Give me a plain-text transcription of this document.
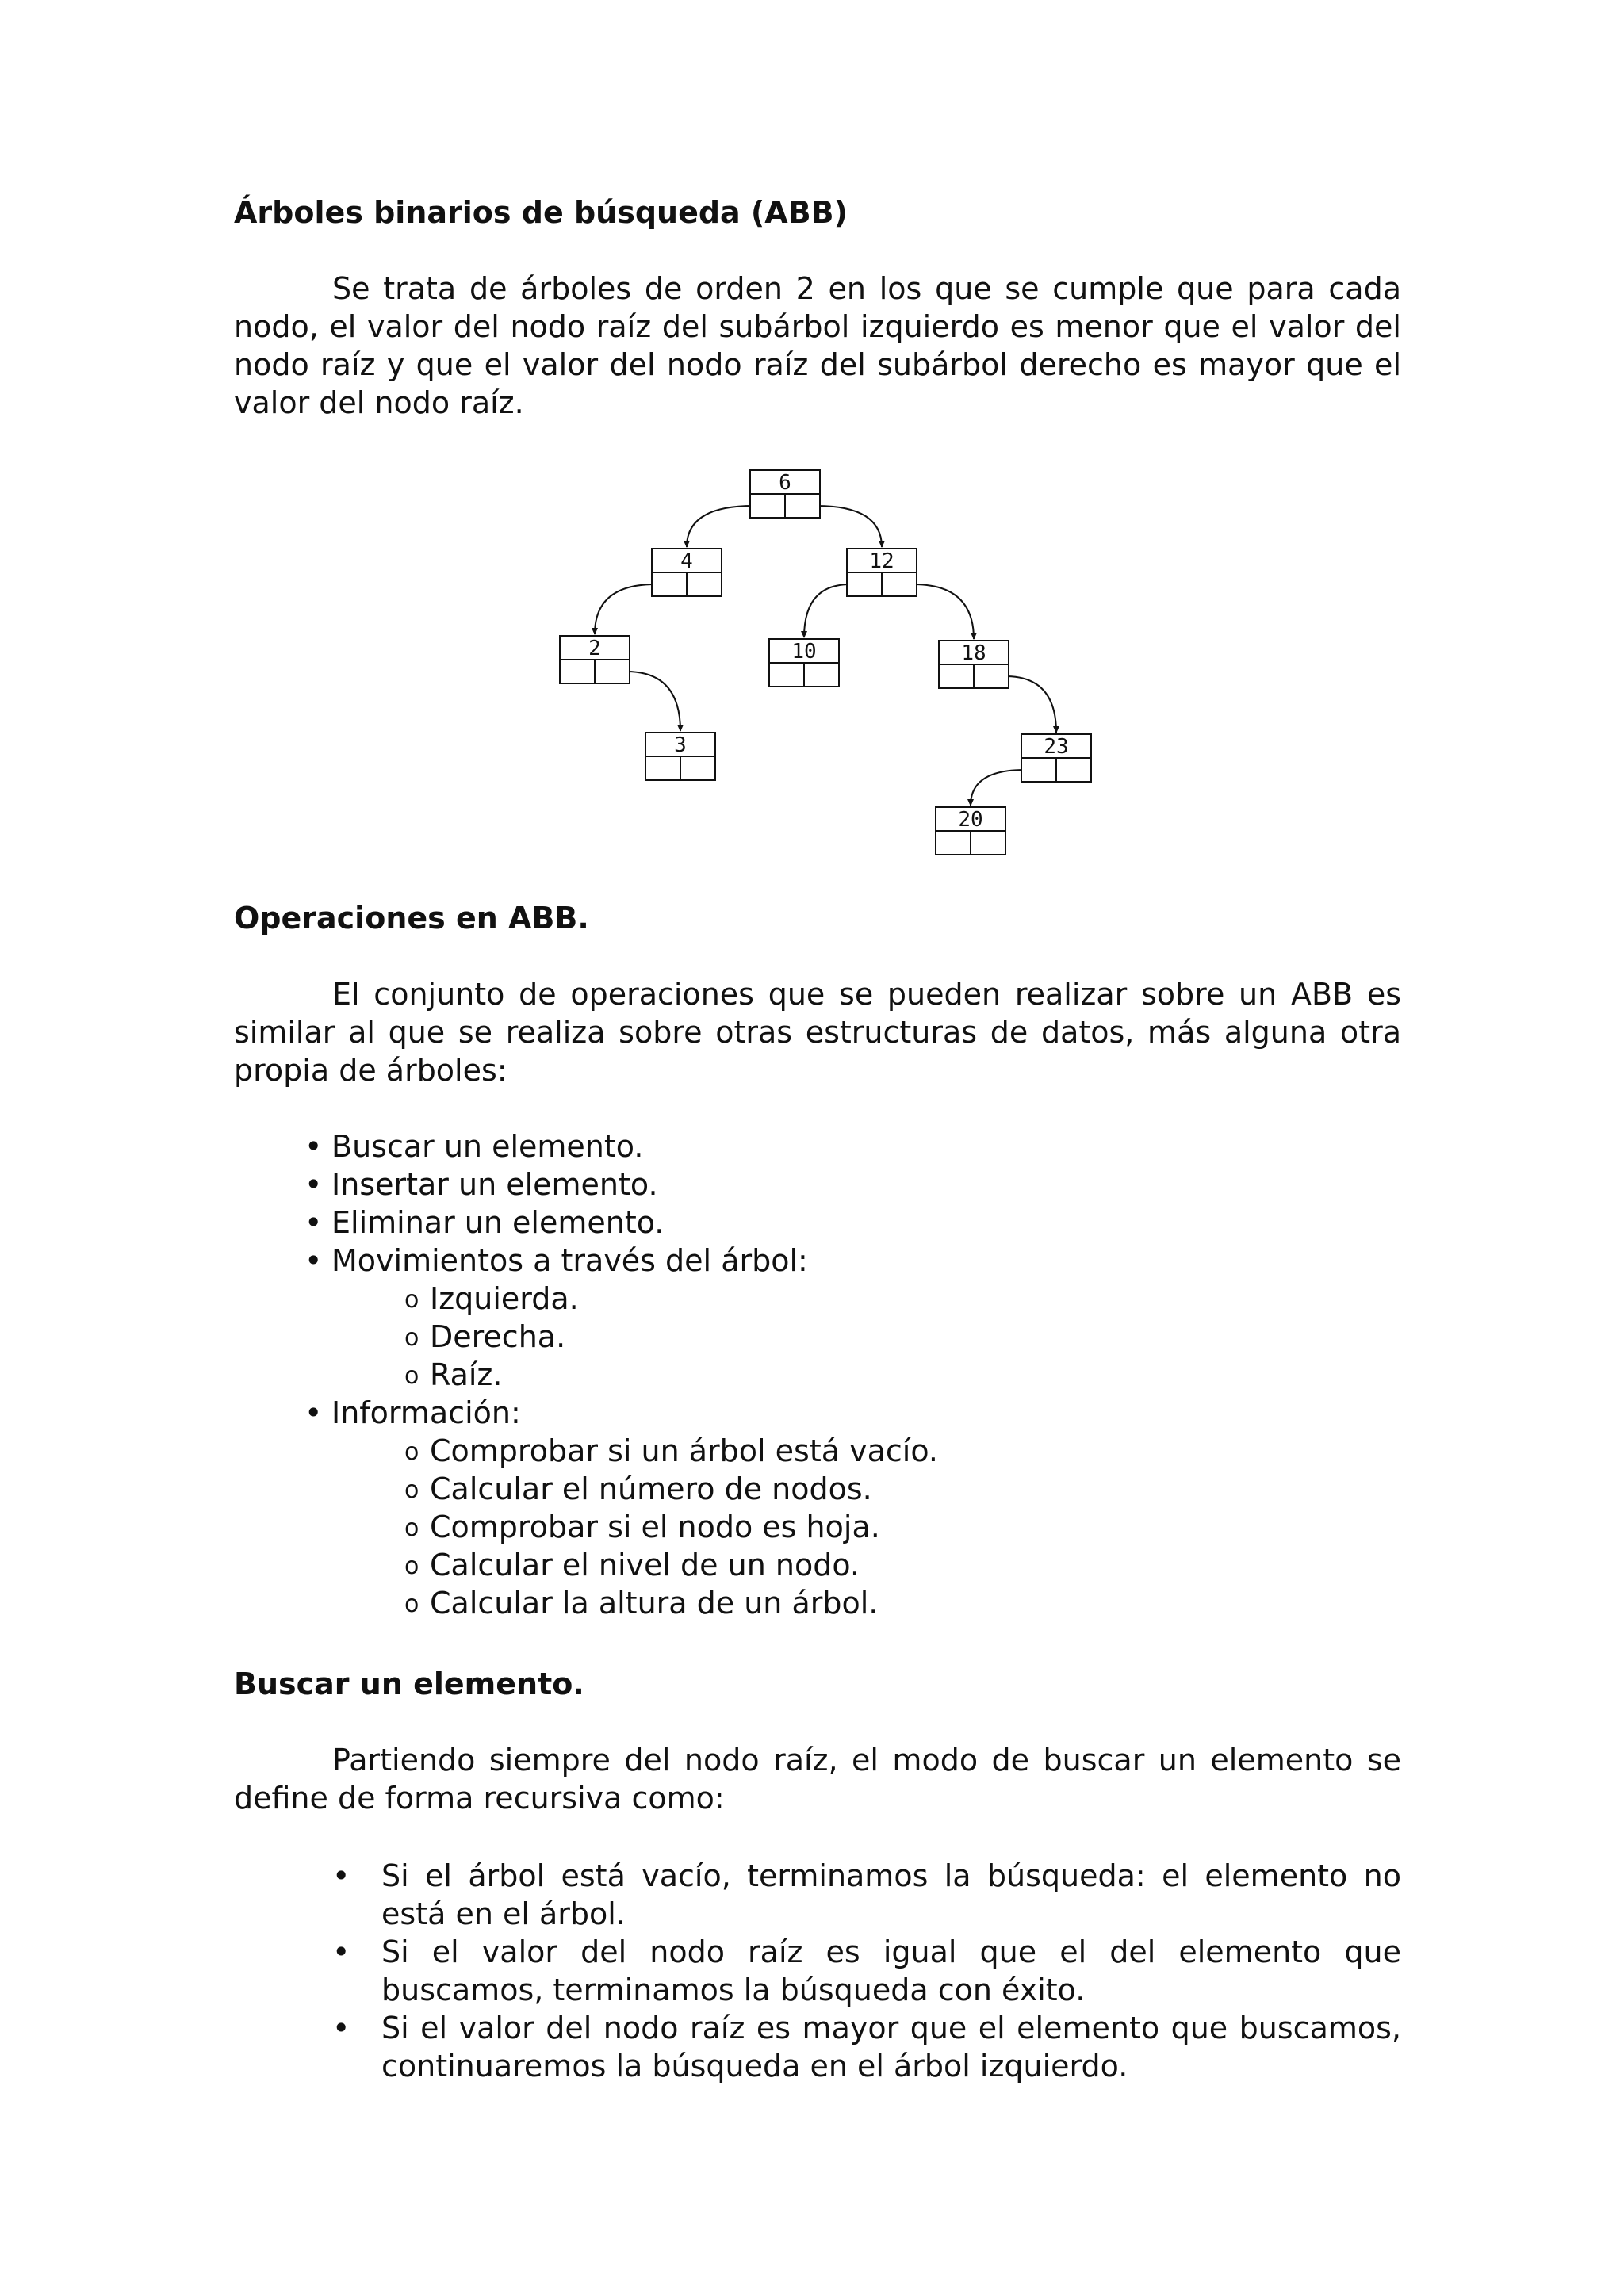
Árboles binarios de búsqueda (ABB)

Se trata de árboles de orden 2 en los que se cumple que para cada nodo, el valor del nodo raíz del subárbol izquierdo es menor que el valor del nodo raíz y que el valor del nodo raíz del subárbol derecho es mayor que el valor del nodo raíz.

6
4	12
2	10	18
3	23
20
Operaciones en ABB.

El conjunto de operaciones que se pueden realizar sobre un ABB es similar al que se realiza sobre otras estructuras de datos, más alguna otra propia de árboles:

• Buscar un elemento.
• Insertar un elemento.
• Eliminar un elemento.
• Movimientos a través del árbol:
o Izquierda.
o Derecha.
o Raíz.
• Información:
o Comprobar si un árbol está vacío.
o Calcular el número de nodos.
o Comprobar si el nodo es hoja.
o Calcular el nivel de un nodo.
o Calcular la altura de un árbol.
Buscar un elemento.

Partiendo siempre del nodo raíz, el modo de buscar un elemento se define de forma recursiva como:

• Si el árbol está vacío, terminamos la búsqueda: el elemento no está en el árbol.
• Si el valor del nodo raíz es igual que el del elemento que buscamos, terminamos la búsqueda con éxito.
• Si el valor del nodo raíz es mayor que el elemento que buscamos, continuaremos la búsqueda en el árbol izquierdo.
